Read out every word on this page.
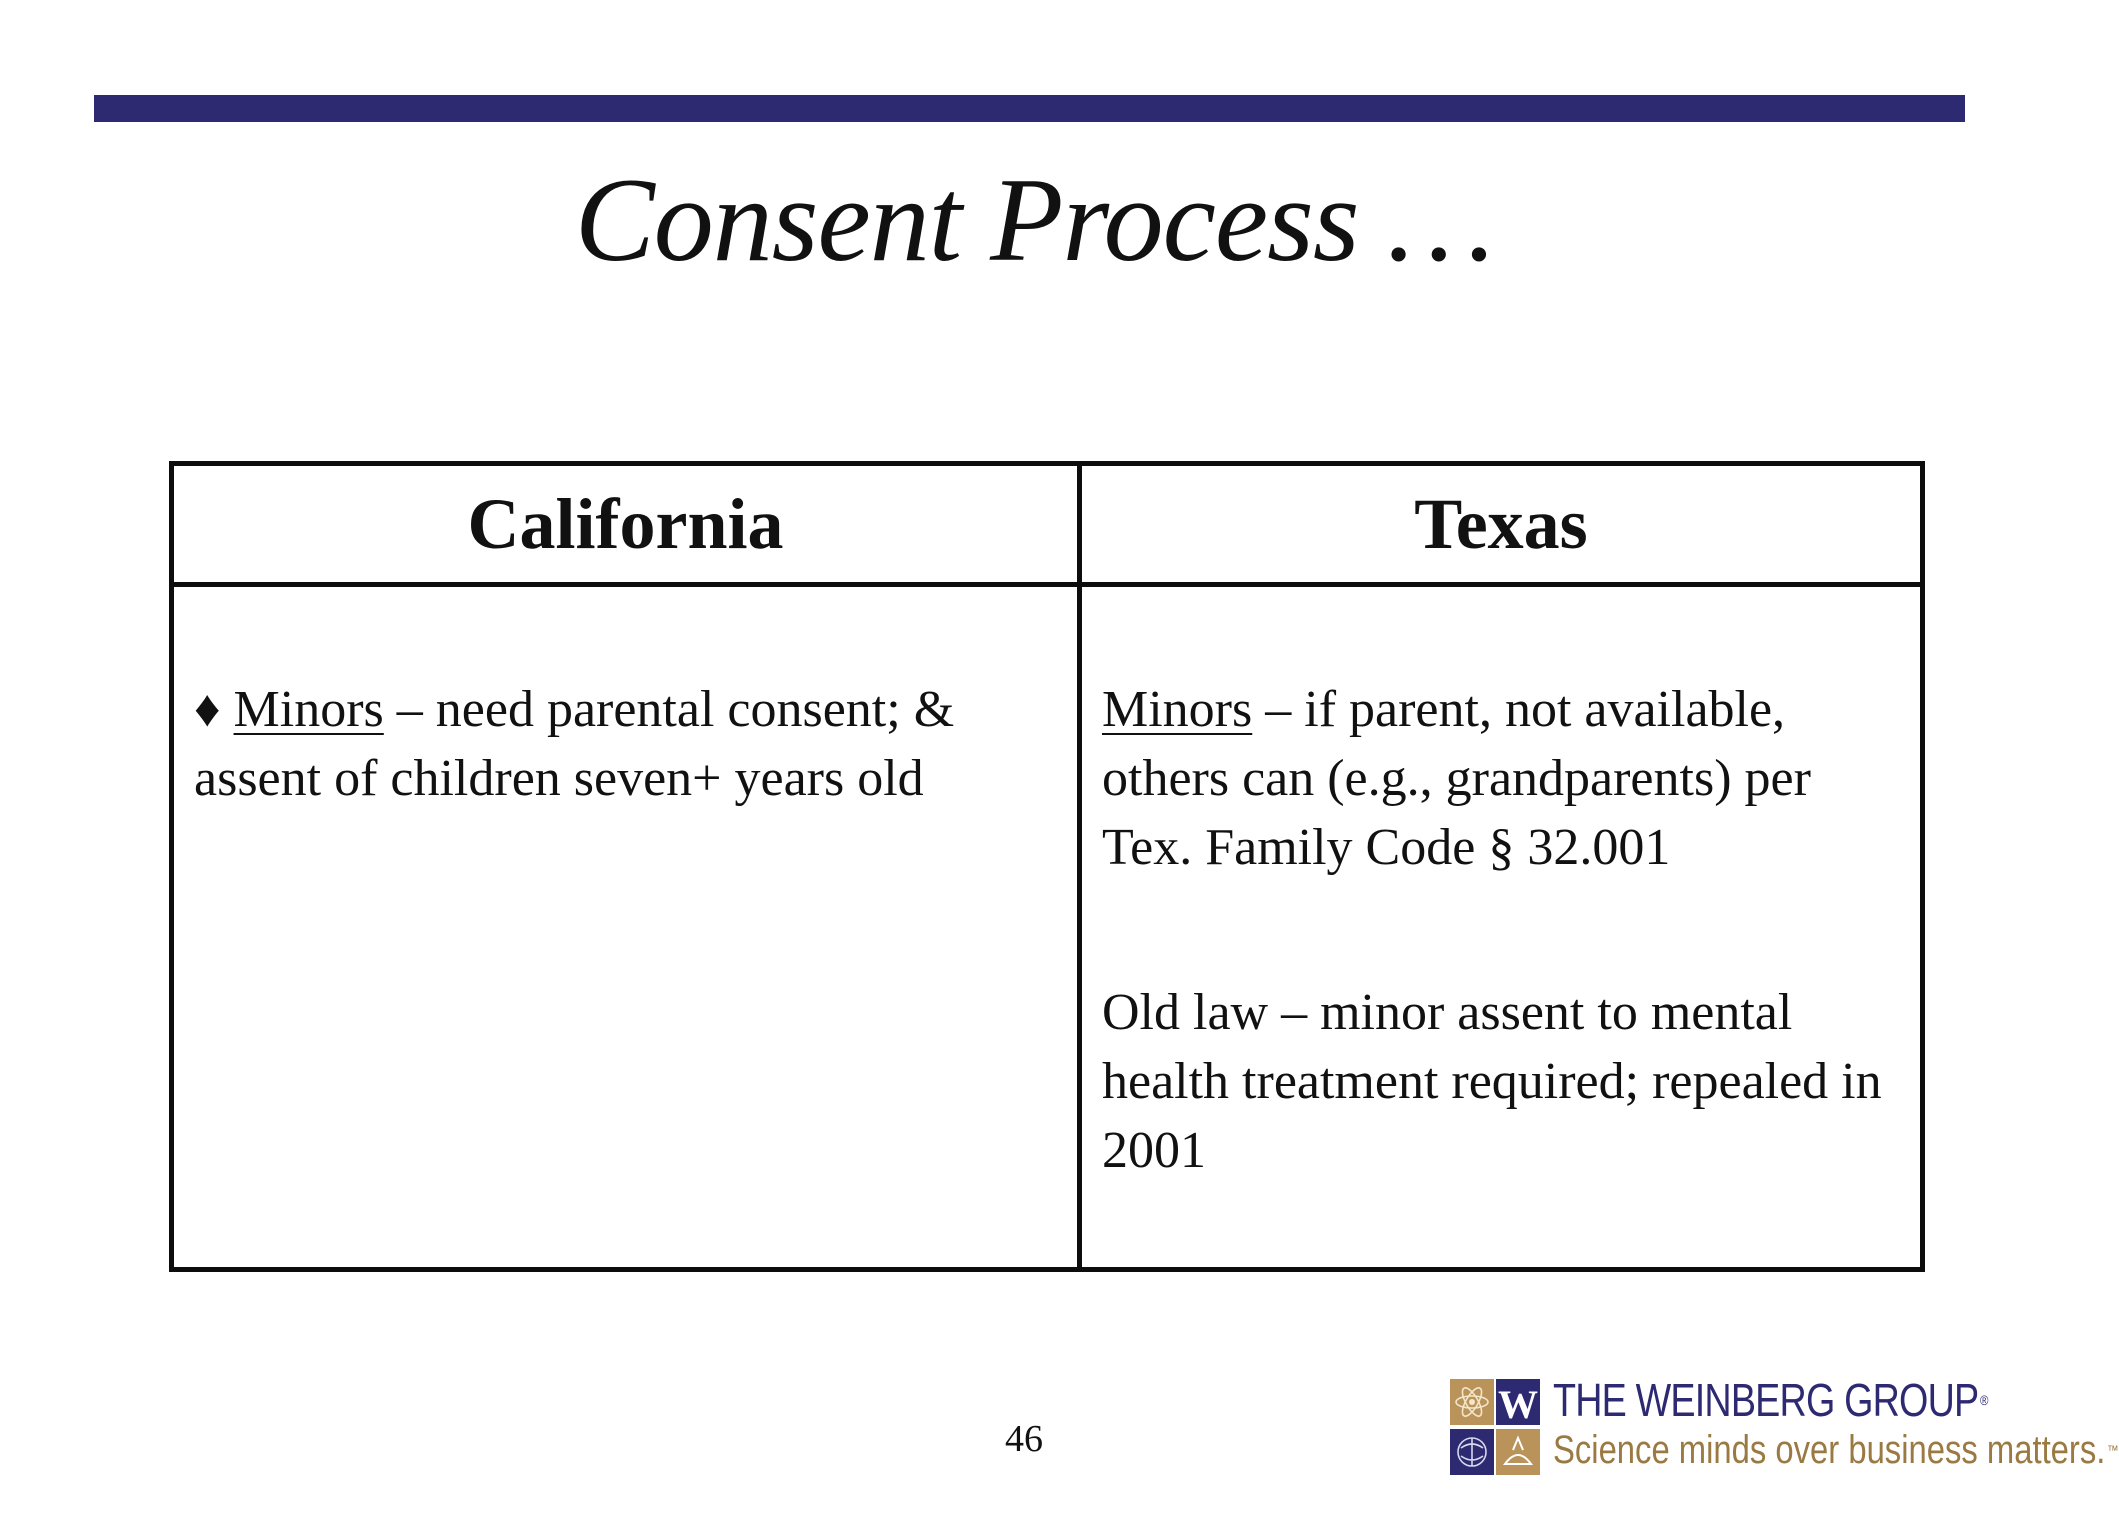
Consent Process …
California	Texas

♦ Minors – need parental consent; & assent of children seven+ years old	Minors – if parent, not available, others can (e.g., grandparents) per Tex. Family Code § 32.001
Old law – minor assent to mental health treatment required; repealed in 2001
46
W THE WEINBERG GROUP ®
Science minds over business matters. ™
